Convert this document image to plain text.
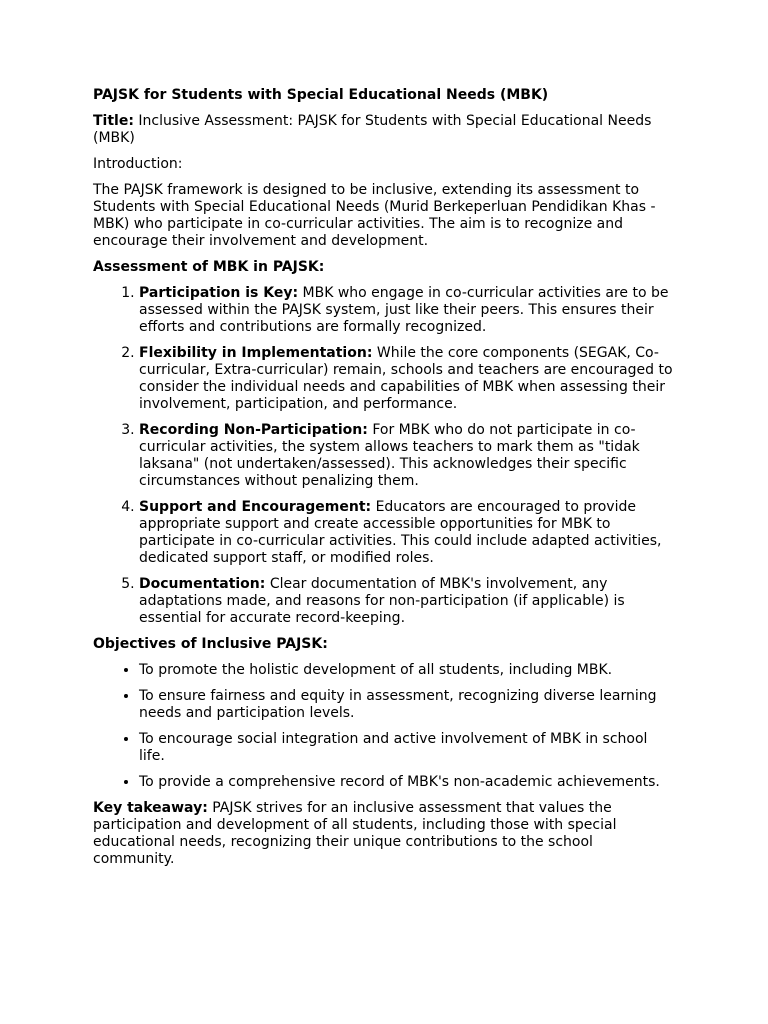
PAJSK for Students with Special Educational Needs (MBK)

Title: Inclusive Assessment: PAJSK for Students with Special Educational Needs (MBK)

Introduction:

The PAJSK framework is designed to be inclusive, extending its assessment to Students with Special Educational Needs (Murid Berkeperluan Pendidikan Khas - MBK) who participate in co-curricular activities. The aim is to recognize and encourage their involvement and development.

Assessment of MBK in PAJSK:

1. Participation is Key: MBK who engage in co-curricular activities are to be assessed within the PAJSK system, just like their peers. This ensures their efforts and contributions are formally recognized.
2. Flexibility in Implementation: While the core components (SEGAK, Co-curricular, Extra-curricular) remain, schools and teachers are encouraged to consider the individual needs and capabilities of MBK when assessing their involvement, participation, and performance.
3. Recording Non-Participation: For MBK who do not participate in co-curricular activities, the system allows teachers to mark them as "tidak laksana" (not undertaken/assessed). This acknowledges their specific circumstances without penalizing them.
4. Support and Encouragement: Educators are encouraged to provide appropriate support and create accessible opportunities for MBK to participate in co-curricular activities. This could include adapted activities, dedicated support staff, or modified roles.
5. Documentation: Clear documentation of MBK's involvement, any adaptations made, and reasons for non-participation (if applicable) is essential for accurate record-keeping.

Objectives of Inclusive PAJSK:

• To promote the holistic development of all students, including MBK.
• To ensure fairness and equity in assessment, recognizing diverse learning needs and participation levels.
• To encourage social integration and active involvement of MBK in school life.
• To provide a comprehensive record of MBK's non-academic achievements.

Key takeaway: PAJSK strives for an inclusive assessment that values the participation and development of all students, including those with special educational needs, recognizing their unique contributions to the school community.
